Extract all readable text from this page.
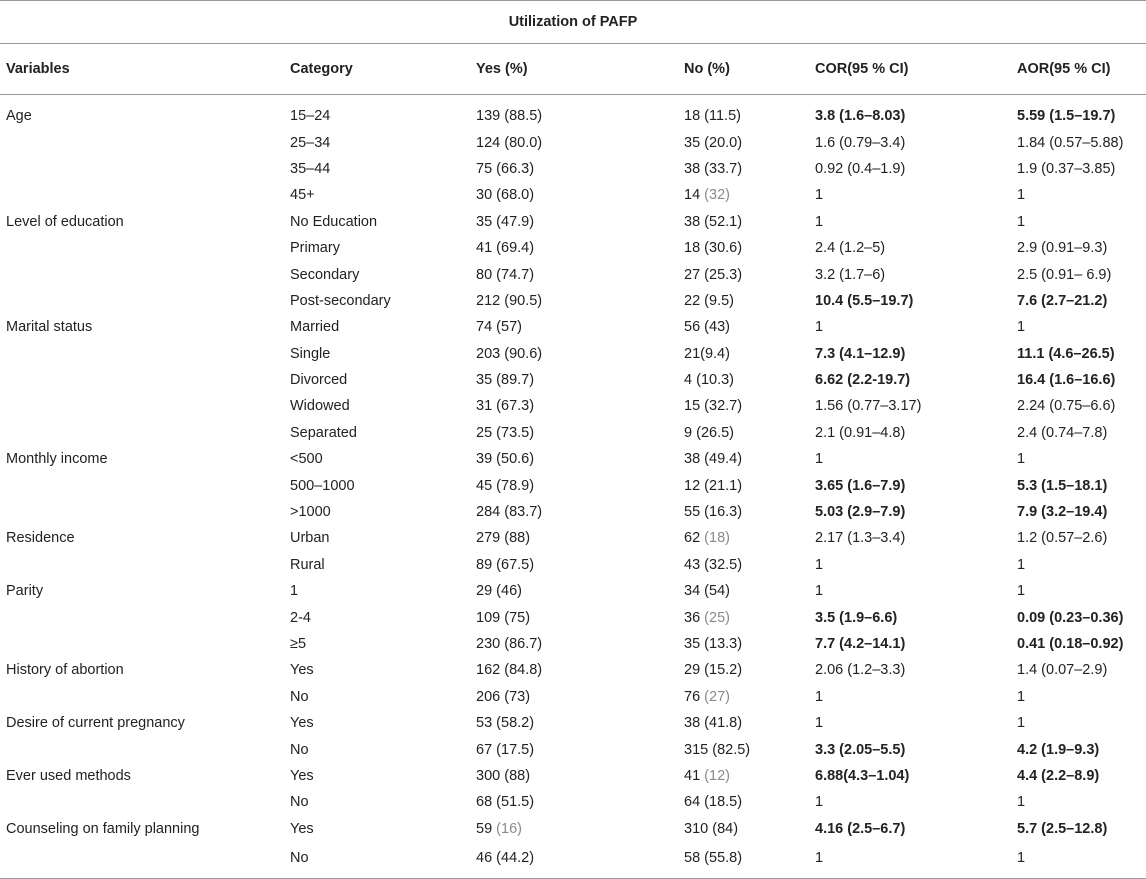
Utilization of PAFP					
Variables	Category	Yes (%)	No (%)	COR(95 % CI)	AOR(95 % CI)
Age	15–24	139 (88.5)	18 (11.5)	3.8 (1.6–8.03)	5.59 (1.5–19.7)
	25–34	124 (80.0)	35 (20.0)	1.6 (0.79–3.4)	1.84 (0.57–5.88)
	35–44	75 (66.3)	38 (33.7)	0.92 (0.4–1.9)	1.9 (0.37–3.85)
	45+	30 (68.0)	14 (32)	1	1
Level of education	No Education	35 (47.9)	38 (52.1)	1	1
	Primary	41 (69.4)	18 (30.6)	2.4 (1.2–5)	2.9 (0.91–9.3)
	Secondary	80 (74.7)	27 (25.3)	3.2 (1.7–6)	2.5 (0.91– 6.9)
	Post-secondary	212 (90.5)	22 (9.5)	10.4 (5.5–19.7)	7.6 (2.7–21.2)
Marital status	Married	74 (57)	56 (43)	1	1
	Single	203 (90.6)	21(9.4)	7.3 (4.1–12.9)	11.1 (4.6–26.5)
	Divorced	35 (89.7)	4 (10.3)	6.62 (2.2-19.7)	16.4 (1.6–16.6)
	Widowed	31 (67.3)	15 (32.7)	1.56 (0.77–3.17)	2.24 (0.75–6.6)
	Separated	25 (73.5)	9 (26.5)	2.1 (0.91–4.8)	2.4 (0.74–7.8)
Monthly income	<500	39 (50.6)	38 (49.4)	1	1
	500–1000	45 (78.9)	12 (21.1)	3.65 (1.6–7.9)	5.3 (1.5–18.1)
	>1000	284 (83.7)	55 (16.3)	5.03 (2.9–7.9)	7.9 (3.2–19.4)
Residence	Urban	279 (88)	62 (18)	2.17 (1.3–3.4)	1.2 (0.57–2.6)
	Rural	89 (67.5)	43 (32.5)	1	1
Parity	1	29 (46)	34 (54)	1	1
	2-4	109 (75)	36 (25)	3.5 (1.9–6.6)	0.09 (0.23–0.36)
	≥5	230 (86.7)	35 (13.3)	7.7 (4.2–14.1)	0.41 (0.18–0.92)
History of abortion	Yes	162 (84.8)	29 (15.2)	2.06 (1.2–3.3)	1.4 (0.07–2.9)
	No	206 (73)	76 (27)	1	1
Desire of current pregnancy	Yes	53 (58.2)	38 (41.8)	1	1
	No	67 (17.5)	315 (82.5)	3.3 (2.05–5.5)	4.2 (1.9–9.3)
Ever used methods	Yes	300 (88)	41 (12)	6.88(4.3–1.04)	4.4 (2.2–8.9)
	No	68 (51.5)	64 (18.5)	1	1
Counseling on family planning	Yes	59 (16)	310 (84)	4.16 (2.5–6.7)	5.7 (2.5–12.8)
	No	46 (44.2)	58 (55.8)	1	1
